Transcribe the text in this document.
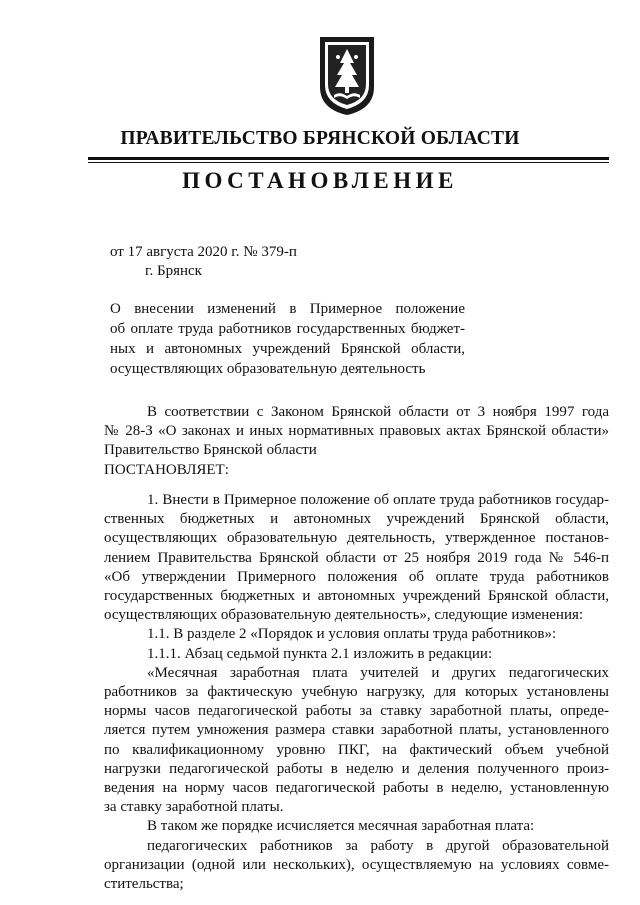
ПРАВИТЕЛЬСТВО БРЯНСКОЙ ОБЛАСТИ
ПОСТАНОВЛЕНИЕ
от 17 августа 2020 г. № 379-п
г. Брянск
О внесении изменений в Примерное положение
об оплате труда работников государственных бюджет-
ных и автономных учреждений Брянской области,
осуществляющих образовательную деятельность
В соответствии с Законом Брянской области от 3 ноября 1997 года
№ 28-З «О законах и иных нормативных правовых актах Брянской области»
Правительство Брянской области
ПОСТАНОВЛЯЕТ:
1. Внести в Примерное положение об оплате труда работников государ-
ственных бюджетных и автономных учреждений Брянской области,
осуществляющих образовательную деятельность, утвержденное постанов-
лением Правительства Брянской области от 25 ноября 2019 года № 546-п
«Об утверждении Примерного положения об оплате труда работников
государственных бюджетных и автономных учреждений Брянской области,
осуществляющих образовательную деятельность», следующие изменения:
1.1. В разделе 2 «Порядок и условия оплаты труда работников»:
1.1.1. Абзац седьмой пункта 2.1 изложить в редакции:
«Месячная заработная плата учителей и других педагогических
работников за фактическую учебную нагрузку, для которых установлены
нормы часов педагогической работы за ставку заработной платы, опреде-
ляется путем умножения размера ставки заработной платы, установленного
по квалификационному уровню ПКГ, на фактический объем учебной
нагрузки педагогической работы в неделю и деления полученного произ-
ведения на норму часов педагогической работы в неделю, установленную
за ставку заработной платы.
В таком же порядке исчисляется месячная заработная плата:
педагогических работников за работу в другой образовательной
организации (одной или нескольких), осуществляемую на условиях совме-
стительства;
